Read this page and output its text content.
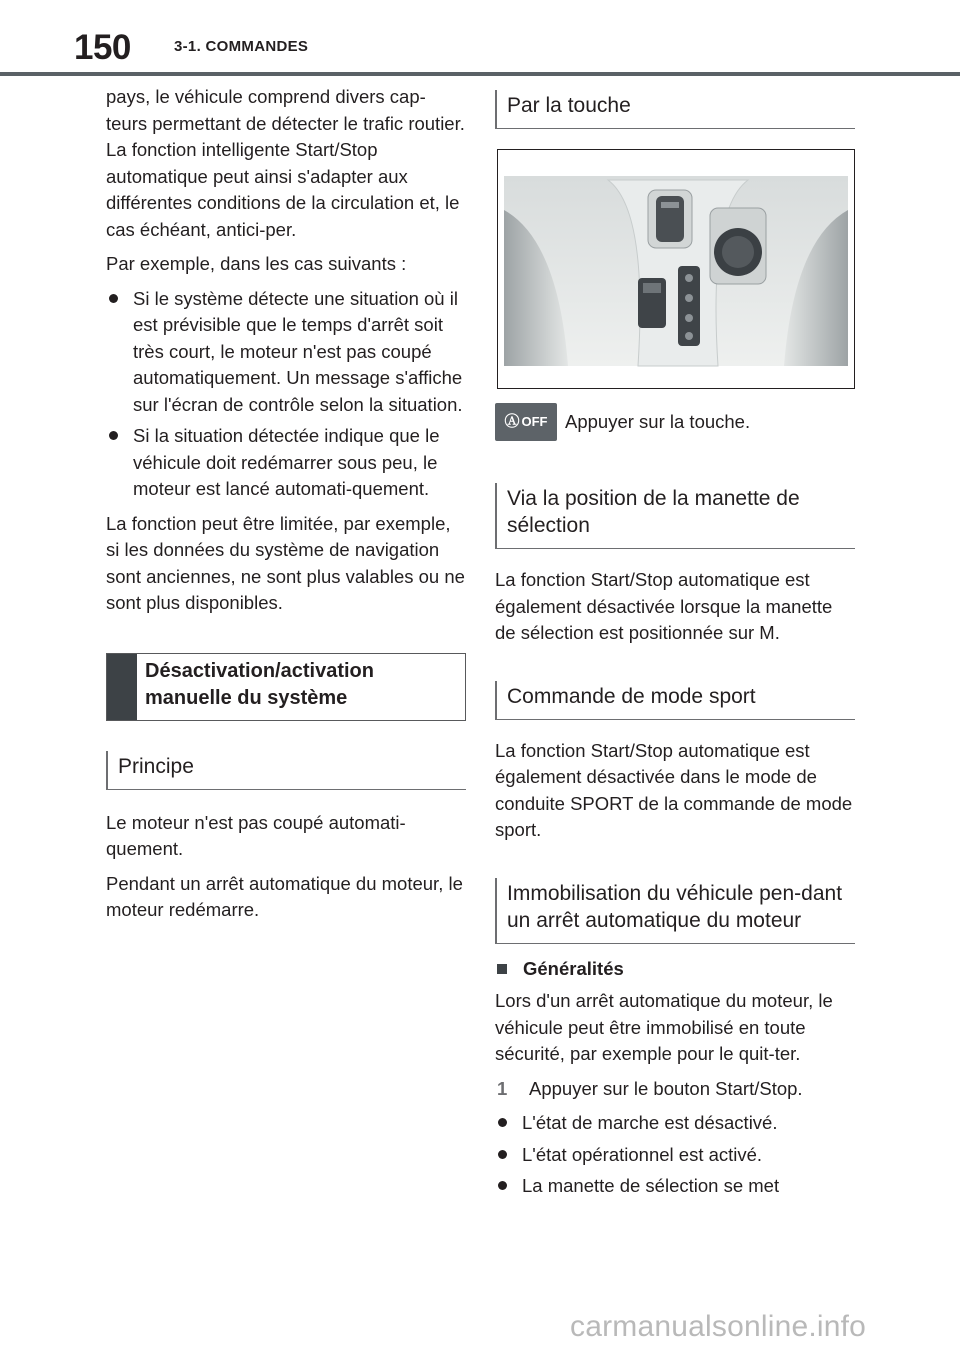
150	3-1. COMMANDES

pays, le véhicule comprend divers cap-teurs permettant de détecter le trafic routier. La fonction intelligente Start/Stop automatique peut ainsi s'adapter aux différentes conditions de la circulation et, le cas échéant, antici-per.

Par exemple, dans les cas suivants :

Si le système détecte une situation où il est prévisible que le temps d'arrêt soit très court, le moteur n'est pas coupé automatiquement. Un message s'affiche sur l'écran de contrôle selon la situation.
Si la situation détectée indique que le véhicule doit redémarrer sous peu, le moteur est lancé automati-quement.

La fonction peut être limitée, par exemple, si les données du système de navigation sont anciennes, ne sont plus valables ou ne sont plus disponibles.

Désactivation/activation manuelle du système
Principe

Le moteur n'est pas coupé automati-quement.

Pendant un arrêt automatique du moteur, le moteur redémarre.

Par la touche
Ⓐ OFF Appuyer sur la touche.
Via la position de la manette de sélection

La fonction Start/Stop automatique est également désactivée lorsque la manette de sélection est positionnée sur M.

Commande de mode sport

La fonction Start/Stop automatique est également désactivée dans le mode de conduite SPORT de la commande de mode sport.

Immobilisation du véhicule pen-dant un arrêt automatique du moteur
Généralités

Lors d'un arrêt automatique du moteur, le véhicule peut être immobilisé en toute sécurité, par exemple pour le quit-ter.

1	Appuyer sur le bouton Start/Stop.
L'état de marche est désactivé.
L'état opérationnel est activé.
La manette de sélection se met
carmanualsonline.info
